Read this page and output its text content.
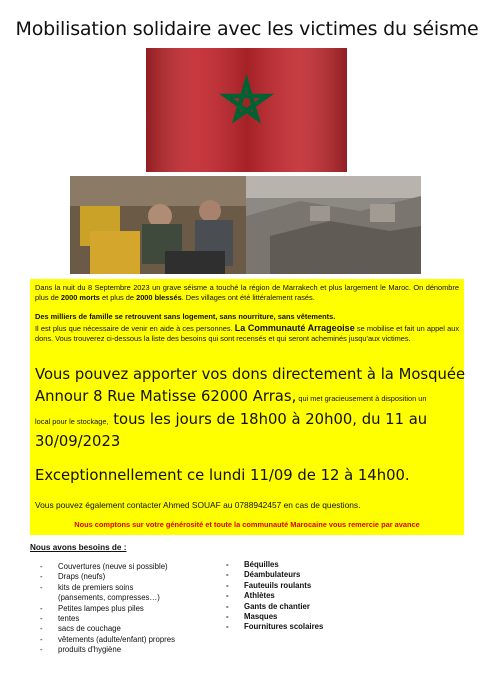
Mobilisation solidaire avec les victimes du séisme

Dans la nuit du 8 Septembre 2023 un grave séisme a touché la région de Marrakech et plus largement le Maroc. On dénombre plus de 2000 morts et plus de 2000 blessés. Des villages ont été littéralement rasés.

Des milliers de famille se retrouvent sans logement, sans nourriture, sans vêtements.

Il est plus que nécessaire de venir en aide à ces personnes. La Communauté Arrageoise se mobilise et fait un appel aux dons. Vous trouverez ci-dessous la liste des besoins qui sont recensés et qui seront acheminés jusqu'aux victimes.

Vous pouvez apporter vos dons directement à la Mosquée
Annour 8 Rue Matisse 62000 Arras, qui met gracieusement à disposition un
local pour le stockage, tous les jours de 18h00 à 20h00, du 11 au
30/09/2023
Exceptionnellement ce lundi 11/09 de 12 à 14h00.
Vous pouvez également contacter Ahmed SOUAF au 0788942457 en cas de questions.
Nous comptons sur votre générosité et toute la communauté Marocaine vous remercie par avance
Nous avons besoins de :
- Couvertures (neuve si possible)
- Draps (neufs)
- kits de premiers soins
(pansements, compresses…)
- Petites lampes plus piles
- tentes
- sacs de couchage
- vêtements (adulte/enfant) propres
- produits d'hygiène
- Béquilles
- Déambulateurs
- Fauteuils roulants
- Athlètes
- Gants de chantier
- Masques
- Fournitures scolaires
